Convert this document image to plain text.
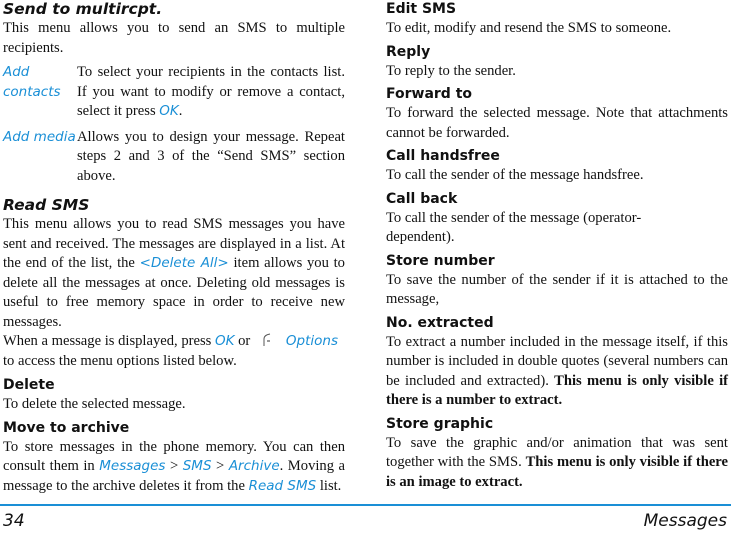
Send to multircpt.

This menu allows you to send an SMS to multiple recipients.

Add contacts

To select your recipients in the contacts list. If you want to modify or remove a contact, select it press OK.

Add media Allows you to design your message. Repeat steps 2 and 3 of the “Send SMS” section above.

Read SMS

This menu allows you to read SMS messages you have sent and received. The messages are displayed in a list. At the end of the list, the <Delete All> item allows you to delete all the messages at once. Deleting old messages is useful to free memory space in order to receive new messages.

When a message is displayed, press OK or
Options
to access the menu options listed below.

Delete

To delete the selected message.

Move to archive

To store messages in the phone memory. You can then consult them in Messages > SMS > Archive. Moving a message to the archive deletes it from the Read SMS list.

Edit SMS

To edit, modify and resend the SMS to someone.

Reply

To reply to the sender.

Forward to

To forward the selected message. Note that attachments cannot be forwarded.

Call handsfree

To call the sender of the message handsfree.

Call back

To call the sender of the message (operator-dependent).

Store number

To save the number of the sender if it is attached to the message,

No. extracted

To extract a number included in the message itself, if this number is included in double quotes (several numbers can be included and extracted). This menu is only visible if there is a number to extract.

Store graphic

To save the graphic and/or animation that was sent together with the SMS. This menu is only visible if there is an image to extract.

34	Messages
